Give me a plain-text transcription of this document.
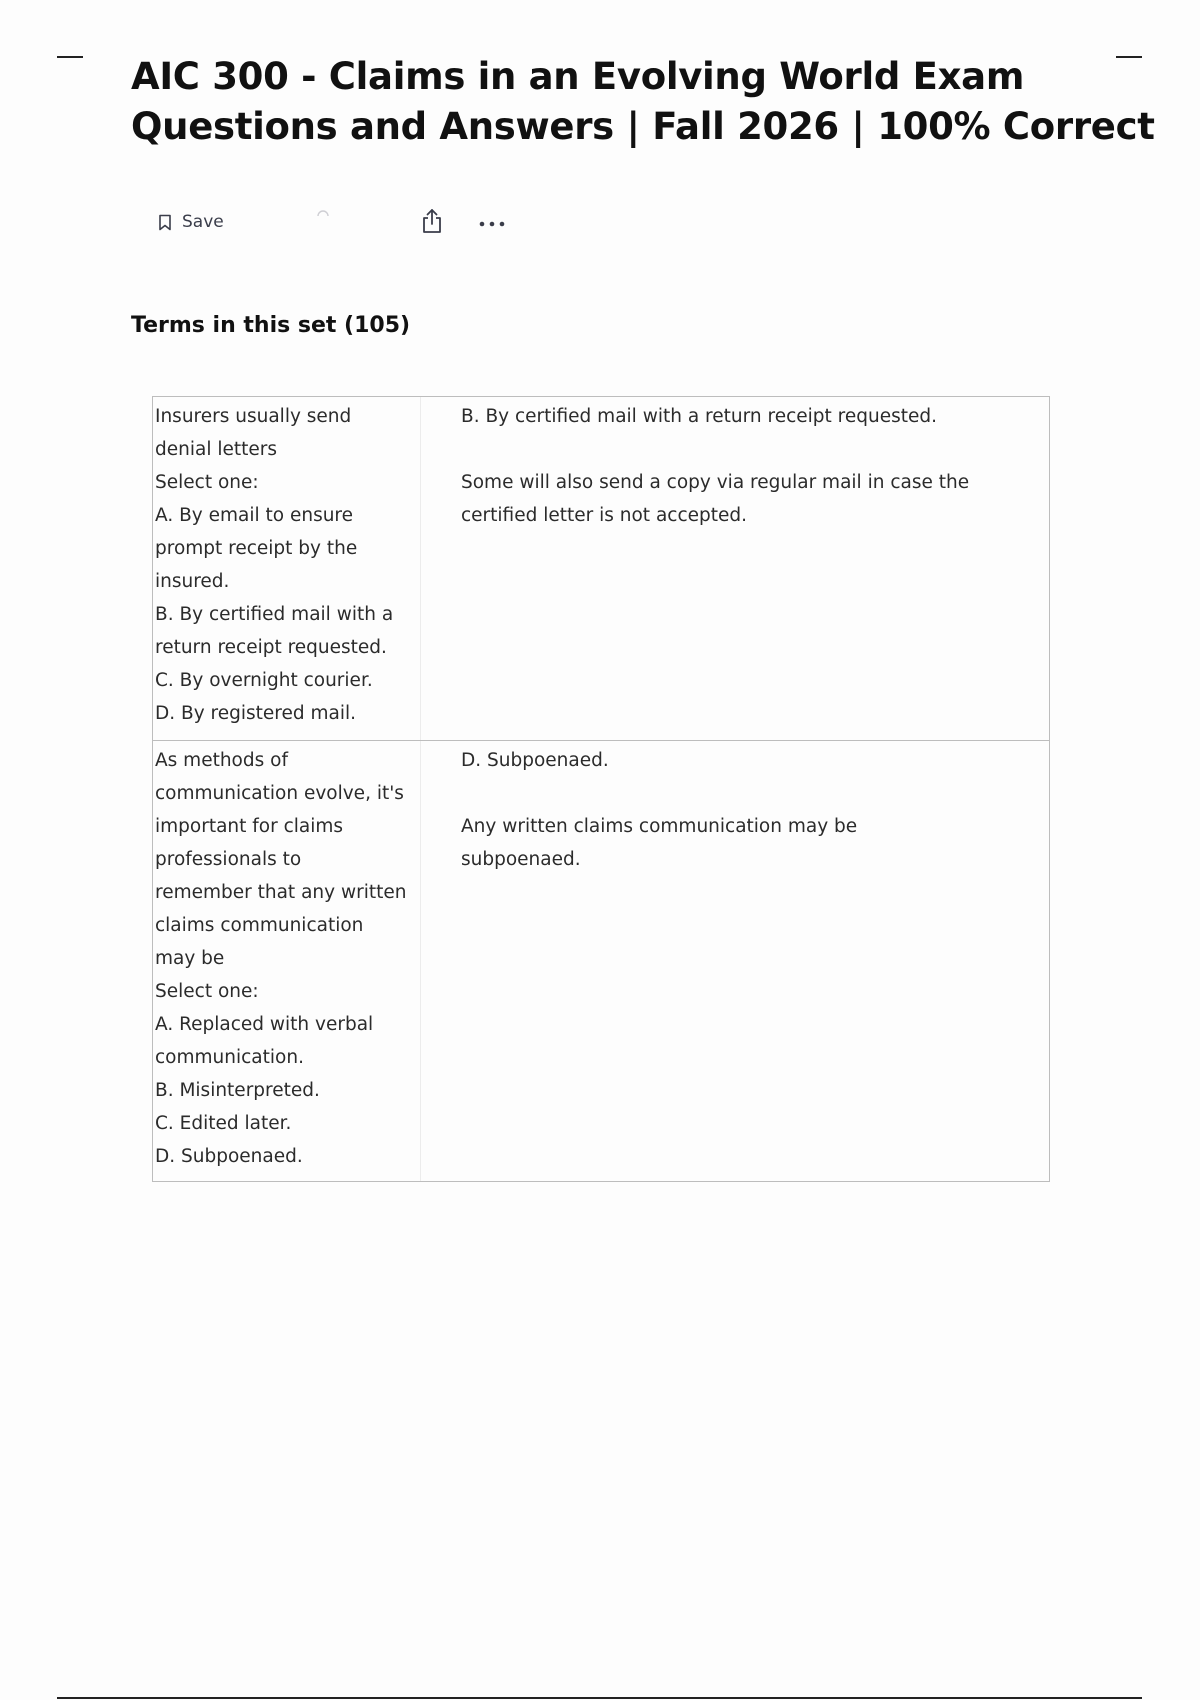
AIC 300 - Claims in an Evolving World Exam
Questions and Answers | Fall 2026 | 100% Correct
Save
Terms in this set (105)
Insurers usually send
denial letters
Select one:
A. By email to ensure
prompt receipt by the
insured.
B. By certified mail with a
return receipt requested.
C. By overnight courier.
D. By registered mail.
B. By certified mail with a return receipt requested.
Some will also send a copy via regular mail in case the
certified letter is not accepted.
As methods of
communication evolve, it's
important for claims
professionals to
remember that any written
claims communication
may be
Select one:
A. Replaced with verbal
communication.
B. Misinterpreted.
C. Edited later.
D. Subpoenaed.
D. Subpoenaed.
Any written claims communication may be
subpoenaed.
